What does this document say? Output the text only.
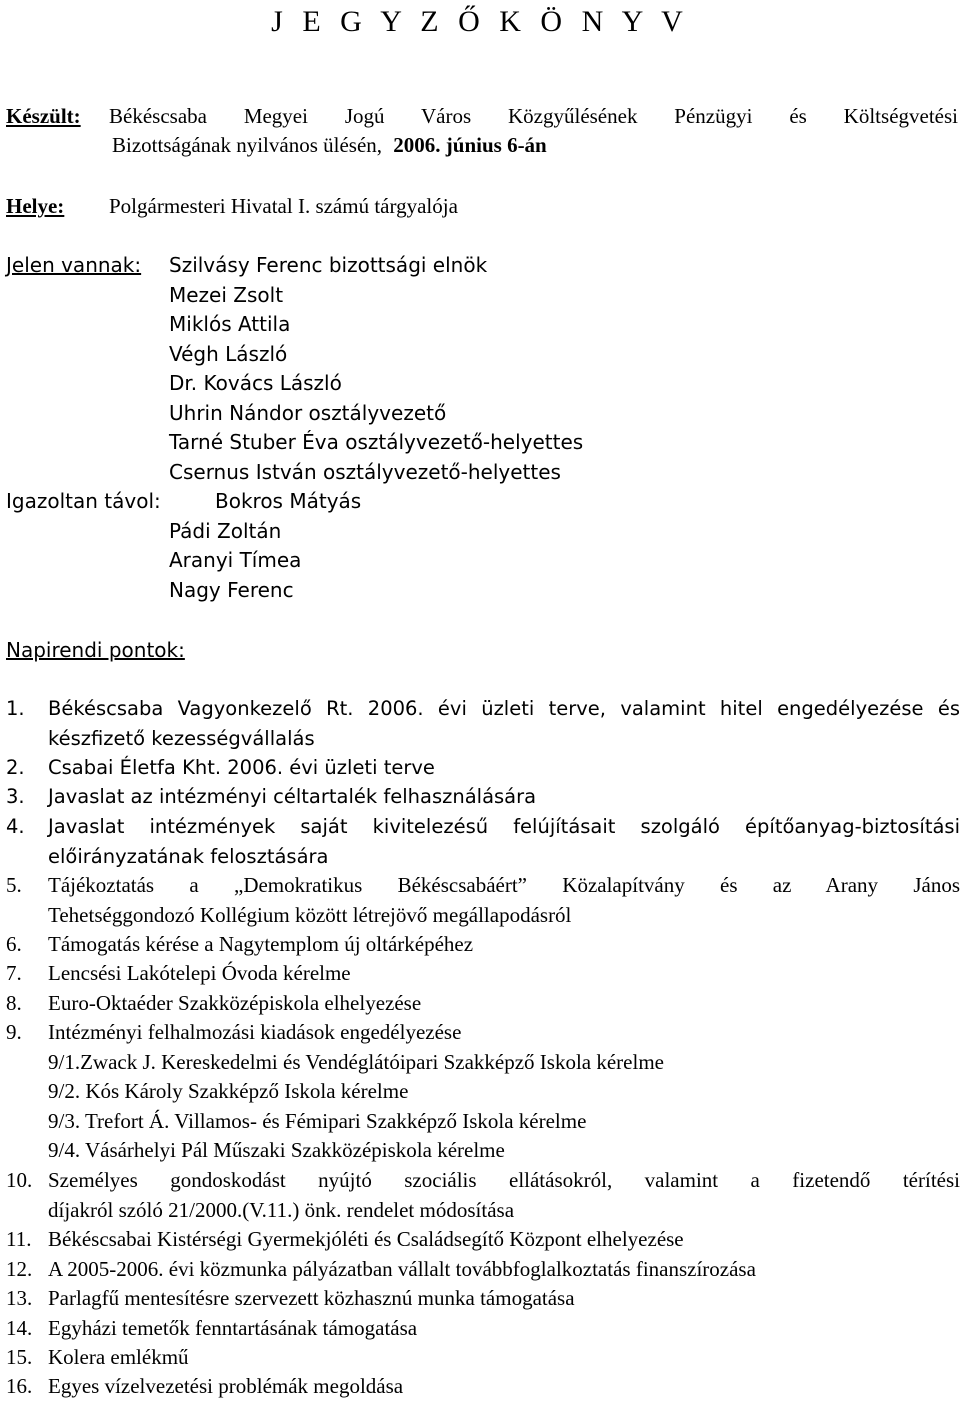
J E G Y Z Ő K Ö N Y V
Készült: Békéscsaba Megyei Jogú Város Közgyűlésének Pénzügyi és Költségvetési
Bizottságának nyilvános ülésén, 2006. június 6-án
Helye: Polgármesteri Hivatal I. számú tárgyalója
Jelen vannak: Szilvásy Ferenc bizottsági elnök
Mezei Zsolt
Miklós Attila
Végh László
Dr. Kovács László
Uhrin Nándor osztályvezető
Tarné Stuber Éva osztályvezető-helyettes
Csernus István osztályvezető-helyettes
Igazoltan távol:	Bokros Mátyás
Pádi Zoltán
Aranyi Tímea
Nagy Ferenc
Napirendi pontok:
1. Békéscsaba Vagyonkezelő Rt. 2006. évi üzleti terve, valamint hitel engedélyezése és
készfizető kezességvállalás
2. Csabai Életfa Kht. 2006. évi üzleti terve
3. Javaslat az intézményi céltartalék felhasználására
4. Javaslat intézmények saját kivitelezésű felújításait szolgáló építőanyag-biztosítási
előirányzatának felosztására
5. Tájékoztatás a „Demokratikus Békéscsabáért” Közalapítvány és az Arany János
Tehetséggondozó Kollégium között létrejövő megállapodásról
6. Támogatás kérése a Nagytemplom új oltárképéhez
7. Lencsési Lakótelepi Óvoda kérelme
8. Euro-Oktaéder Szakközépiskola elhelyezése
9. Intézményi felhalmozási kiadások engedélyezése
9/1.Zwack J. Kereskedelmi és Vendéglátóipari Szakképző Iskola kérelme
9/2. Kós Károly Szakképző Iskola kérelme
9/3. Trefort Á. Villamos- és Fémipari Szakképző Iskola kérelme
9/4. Vásárhelyi Pál Műszaki Szakközépiskola kérelme
10. Személyes gondoskodást nyújtó szociális ellátásokról, valamint a fizetendő térítési
díjakról szóló 21/2000.(V.11.) önk. rendelet módosítása
11. Békéscsabai Kistérségi Gyermekjóléti és Családsegítő Központ elhelyezése
12. A 2005-2006. évi közmunka pályázatban vállalt továbbfoglalkoztatás finanszírozása
13. Parlagfű mentesítésre szervezett közhasznú munka támogatása
14. Egyházi temetők fenntartásának támogatása
15. Kolera emlékmű
16. Egyes vízelvezetési problémák megoldása
